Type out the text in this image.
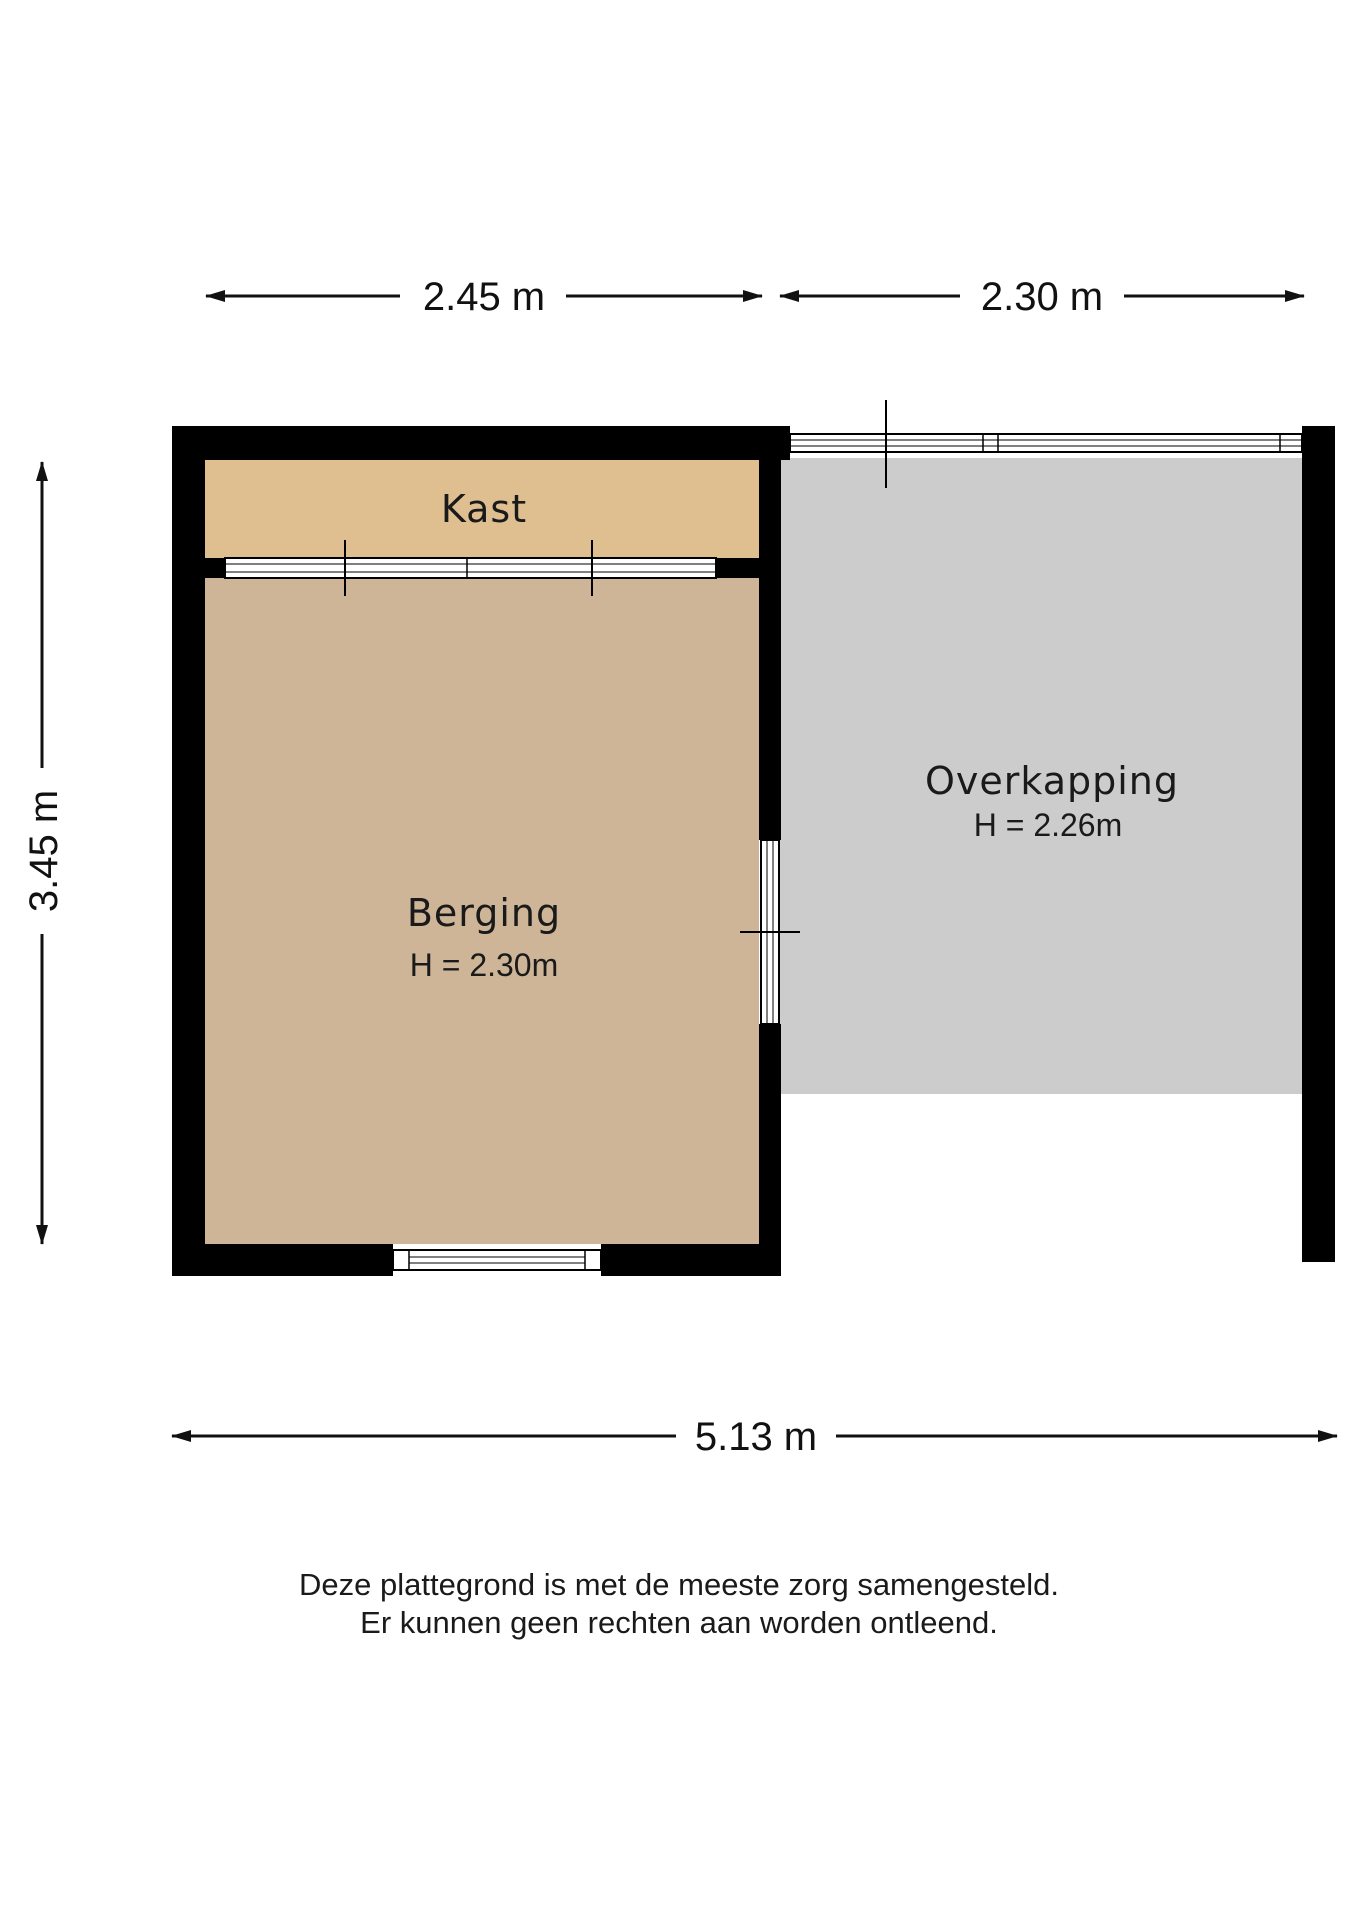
2.45 m	2.30 m
3.45 m
5.13 m
Kast
Berging
H = 2.30m
Overkapping
H = 2.26m
Deze plattegrond is met de meeste zorg samengesteld.
Er kunnen geen rechten aan worden ontleend.
